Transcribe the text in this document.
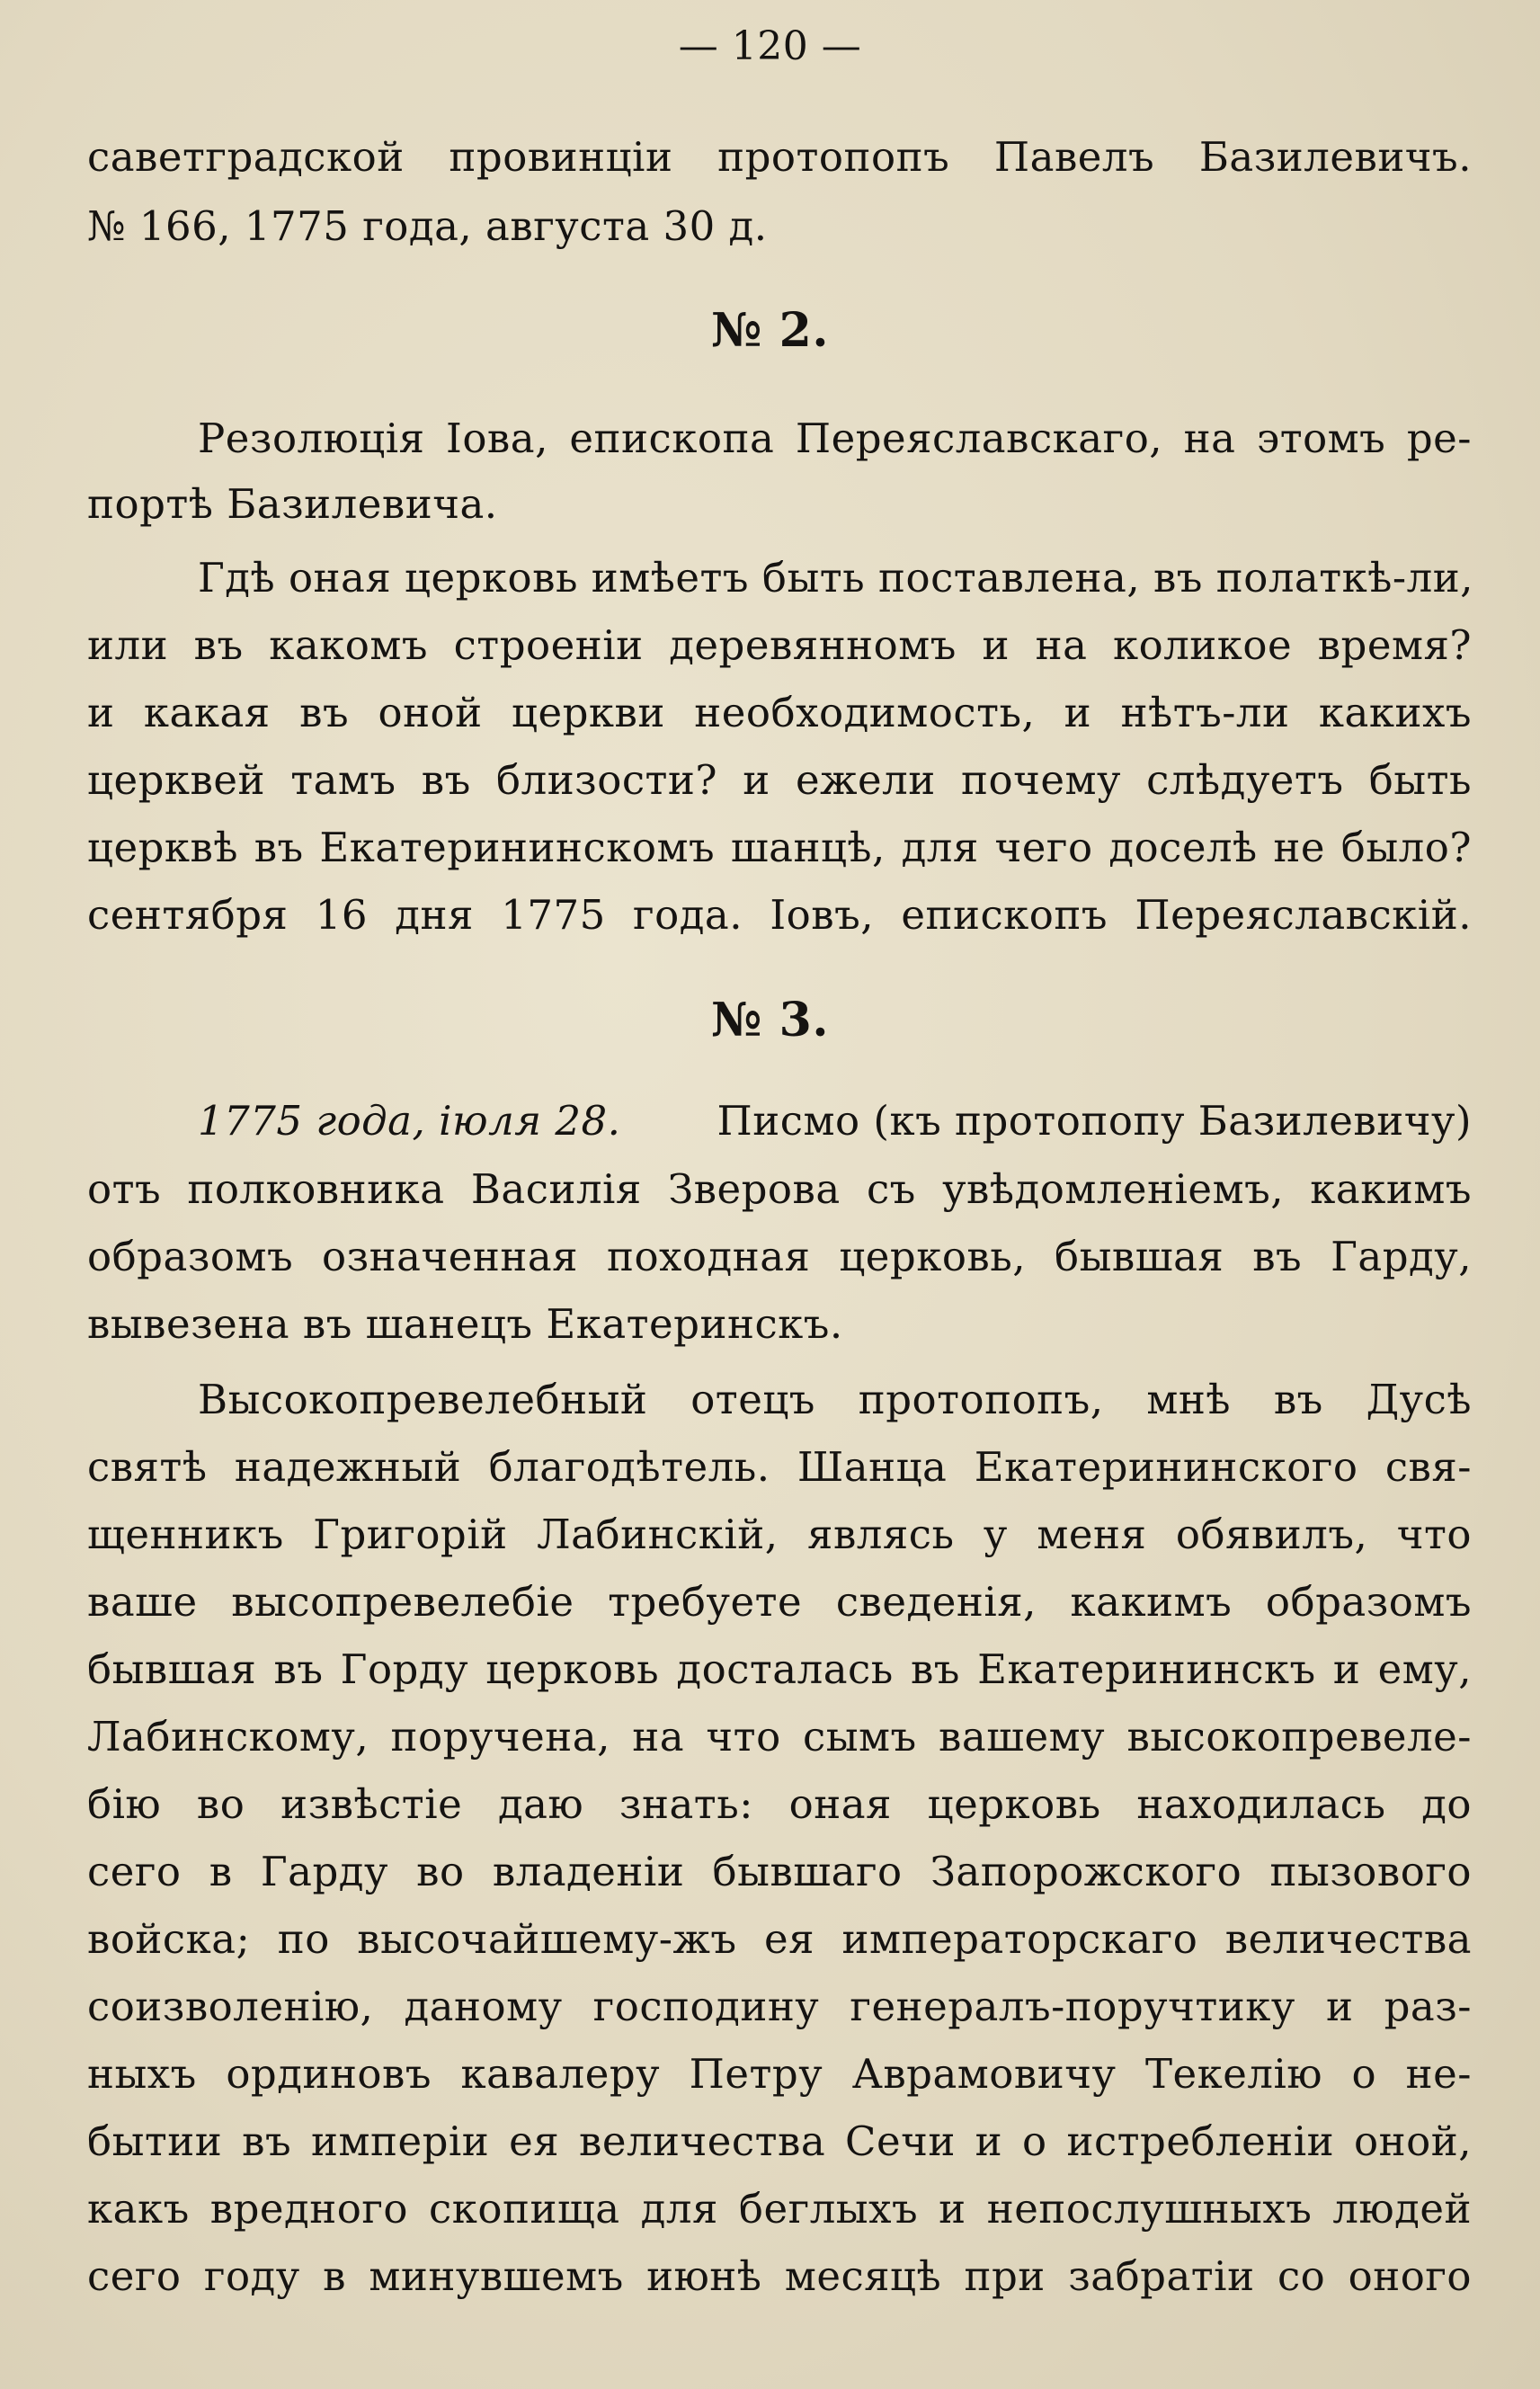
— 120 —
саветградской провинціи протопопъ Павелъ Базилевичъ.
№ 166, 1775 года, августа 30 д.
№ 2.
Резолюція Іова, епископа Переяславскаго, на этомъ ре-
портѣ Базилевича.
Гдѣ оная церковь имѣетъ быть поставлена, въ полаткѣ-ли,
или въ какомъ строеніи деревянномъ и на коликое время?
и какая въ оной церкви необходимость, и нѣтъ-ли какихъ
церквей тамъ въ близости? и ежели почему слѣдуетъ быть
церквѣ въ Екатерининскомъ шанцѣ, для чего доселѣ не было?
сентября 16 дня 1775 года. Іовъ, епископъ Переяславскій.
№ 3.
1775 года, іюля 28. Писмо (къ протопопу Базилевичу)
отъ полковника Василія Зверова съ увѣдомленіемъ, какимъ
образомъ означенная походная церковь, бывшая въ Гарду,
вывезена въ шанецъ Екатеринскъ.
Высокопревелебный отецъ протопопъ, мнѣ въ Дусѣ
святѣ надежный благодѣтель. Шанца Екатерининского свя-
щенникъ Григорій Лабинскій, являсь у меня обявилъ, что
ваше высопревелебіе требуете сведенія, какимъ образомъ
бывшая въ Горду церковь досталась въ Екатерининскъ и ему,
Лабинскому, поручена, на что сымъ вашему высокопревеле-
бію во извѣстіе даю знать: оная церковь находилась до
сего в Гарду во владеніи бывшаго Запорожского пызового
войска; по высочайшему-жъ ея императорскаго величества
соизволенію, даному господину генералъ-поручтику и раз-
ныхъ ординовъ кавалеру Петру Аврамовичу Текелію о не-
бытии въ имперіи ея величества Сечи и о истребленіи оной,
какъ вредного скопища для беглыхъ и непослушныхъ людей
сего году в минувшемъ июнѣ месяцѣ при забратіи со оного
